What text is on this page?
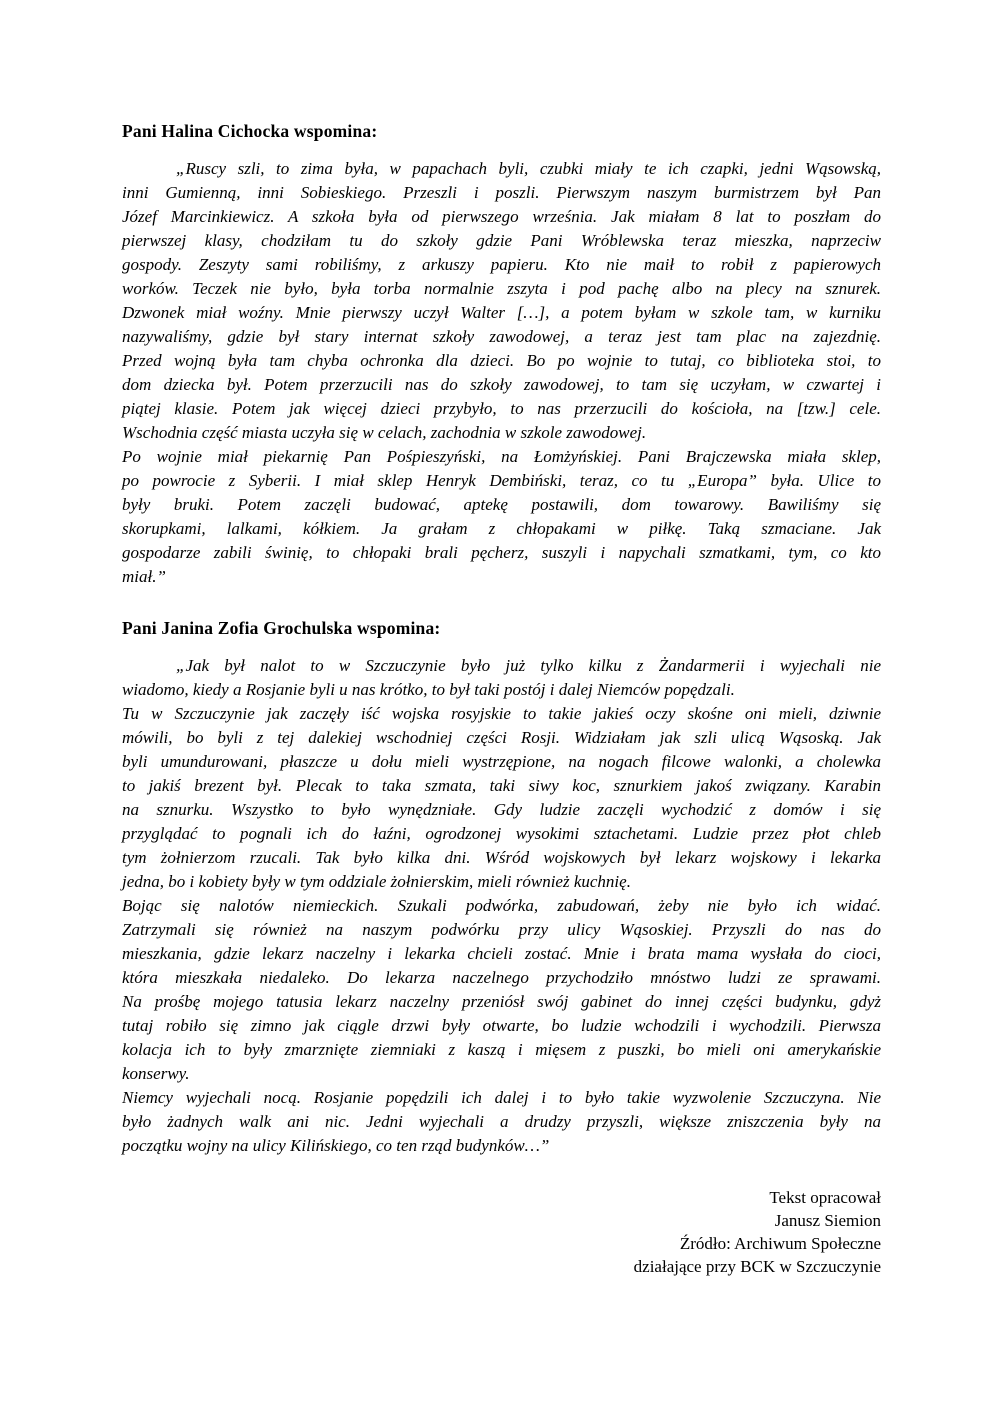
Pani Halina Cichocka wspomina:
„Ruscy szli, to zima była, w papachach byli, czubki miały te ich czapki, jedni Wąsowską,
inni Gumienną, inni Sobieskiego. Przeszli i poszli. Pierwszym naszym burmistrzem był Pan
Józef Marcinkiewicz. A szkoła była od pierwszego września. Jak miałam 8 lat to poszłam do
pierwszej klasy, chodziłam tu do szkoły gdzie Pani Wróblewska teraz mieszka, naprzeciw
gospody. Zeszyty sami robiliśmy, z arkuszy papieru. Kto nie maił to robił z papierowych
worków. Teczek nie było, była torba normalnie zszyta i pod pachę albo na plecy na sznurek.
Dzwonek miał woźny. Mnie pierwszy uczył Walter […], a potem byłam w szkole tam, w kurniku
nazywaliśmy, gdzie był stary internat szkoły zawodowej, a teraz jest tam plac na zajezdnię.
Przed wojną była tam chyba ochronka dla dzieci. Bo po wojnie to tutaj, co biblioteka stoi, to
dom dziecka był. Potem przerzucili nas do szkoły zawodowej, to tam się uczyłam, w czwartej i
piątej klasie. Potem jak więcej dzieci przybyło, to nas przerzucili do kościoła, na [tzw.] cele.
Wschodnia część miasta uczyła się w celach, zachodnia w szkole zawodowej.
Po wojnie miał piekarnię Pan Pośpieszyński, na Łomżyńskiej. Pani Brajczewska miała sklep,
po powrocie z Syberii. I miał sklep Henryk Dembiński, teraz, co tu „Europa” była. Ulice to
były bruki. Potem zaczęli budować, aptekę postawili, dom towarowy. Bawiliśmy się
skorupkami, lalkami, kółkiem. Ja grałam z chłopakami w piłkę. Taką szmaciane. Jak
gospodarze zabili świnię, to chłopaki brali pęcherz, suszyli i napychali szmatkami, tym, co kto
miał.”
Pani Janina Zofia Grochulska wspomina:
„Jak był nalot to w Szczuczynie było już tylko kilku z Żandarmerii i wyjechali nie
wiadomo, kiedy a Rosjanie byli u nas krótko, to był taki postój i dalej Niemców popędzali.
Tu w Szczuczynie jak zaczęły iść wojska rosyjskie to takie jakieś oczy skośne oni mieli, dziwnie
mówili, bo byli z tej dalekiej wschodniej części Rosji. Widziałam jak szli ulicą Wąsoską. Jak
byli umundurowani, płaszcze u dołu mieli wystrzępione, na nogach filcowe walonki, a cholewka
to jakiś brezent był. Plecak to taka szmata, taki siwy koc, sznurkiem jakoś związany. Karabin
na sznurku. Wszystko to było wynędzniałe. Gdy ludzie zaczęli wychodzić z domów i się
przyglądać to pognali ich do łaźni, ogrodzonej wysokimi sztachetami. Ludzie przez płot chleb
tym żołnierzom rzucali. Tak było kilka dni. Wśród wojskowych był lekarz wojskowy i lekarka
jedna, bo i kobiety były w tym oddziale żołnierskim, mieli również kuchnię.
Bojąc się nalotów niemieckich. Szukali podwórka, zabudowań, żeby nie było ich widać.
Zatrzymali się również na naszym podwórku przy ulicy Wąsoskiej. Przyszli do nas do
mieszkania, gdzie lekarz naczelny i lekarka chcieli zostać. Mnie i brata mama wysłała do cioci,
która mieszkała niedaleko. Do lekarza naczelnego przychodziło mnóstwo ludzi ze sprawami.
Na prośbę mojego tatusia lekarz naczelny przeniósł swój gabinet do innej części budynku, gdyż
tutaj robiło się zimno jak ciągle drzwi były otwarte, bo ludzie wchodzili i wychodzili. Pierwsza
kolacja ich to były zmarznięte ziemniaki z kaszą i mięsem z puszki, bo mieli oni amerykańskie
konserwy.
Niemcy wyjechali nocą. Rosjanie popędzili ich dalej i to było takie wyzwolenie Szczuczyna. Nie
było żadnych walk ani nic. Jedni wyjechali a drudzy przyszli, większe zniszczenia były na
początku wojny na ulicy Kilińskiego, co ten rząd budynków…”
Tekst opracował
Janusz Siemion
Źródło: Archiwum Społeczne
działające przy BCK w Szczuczynie
